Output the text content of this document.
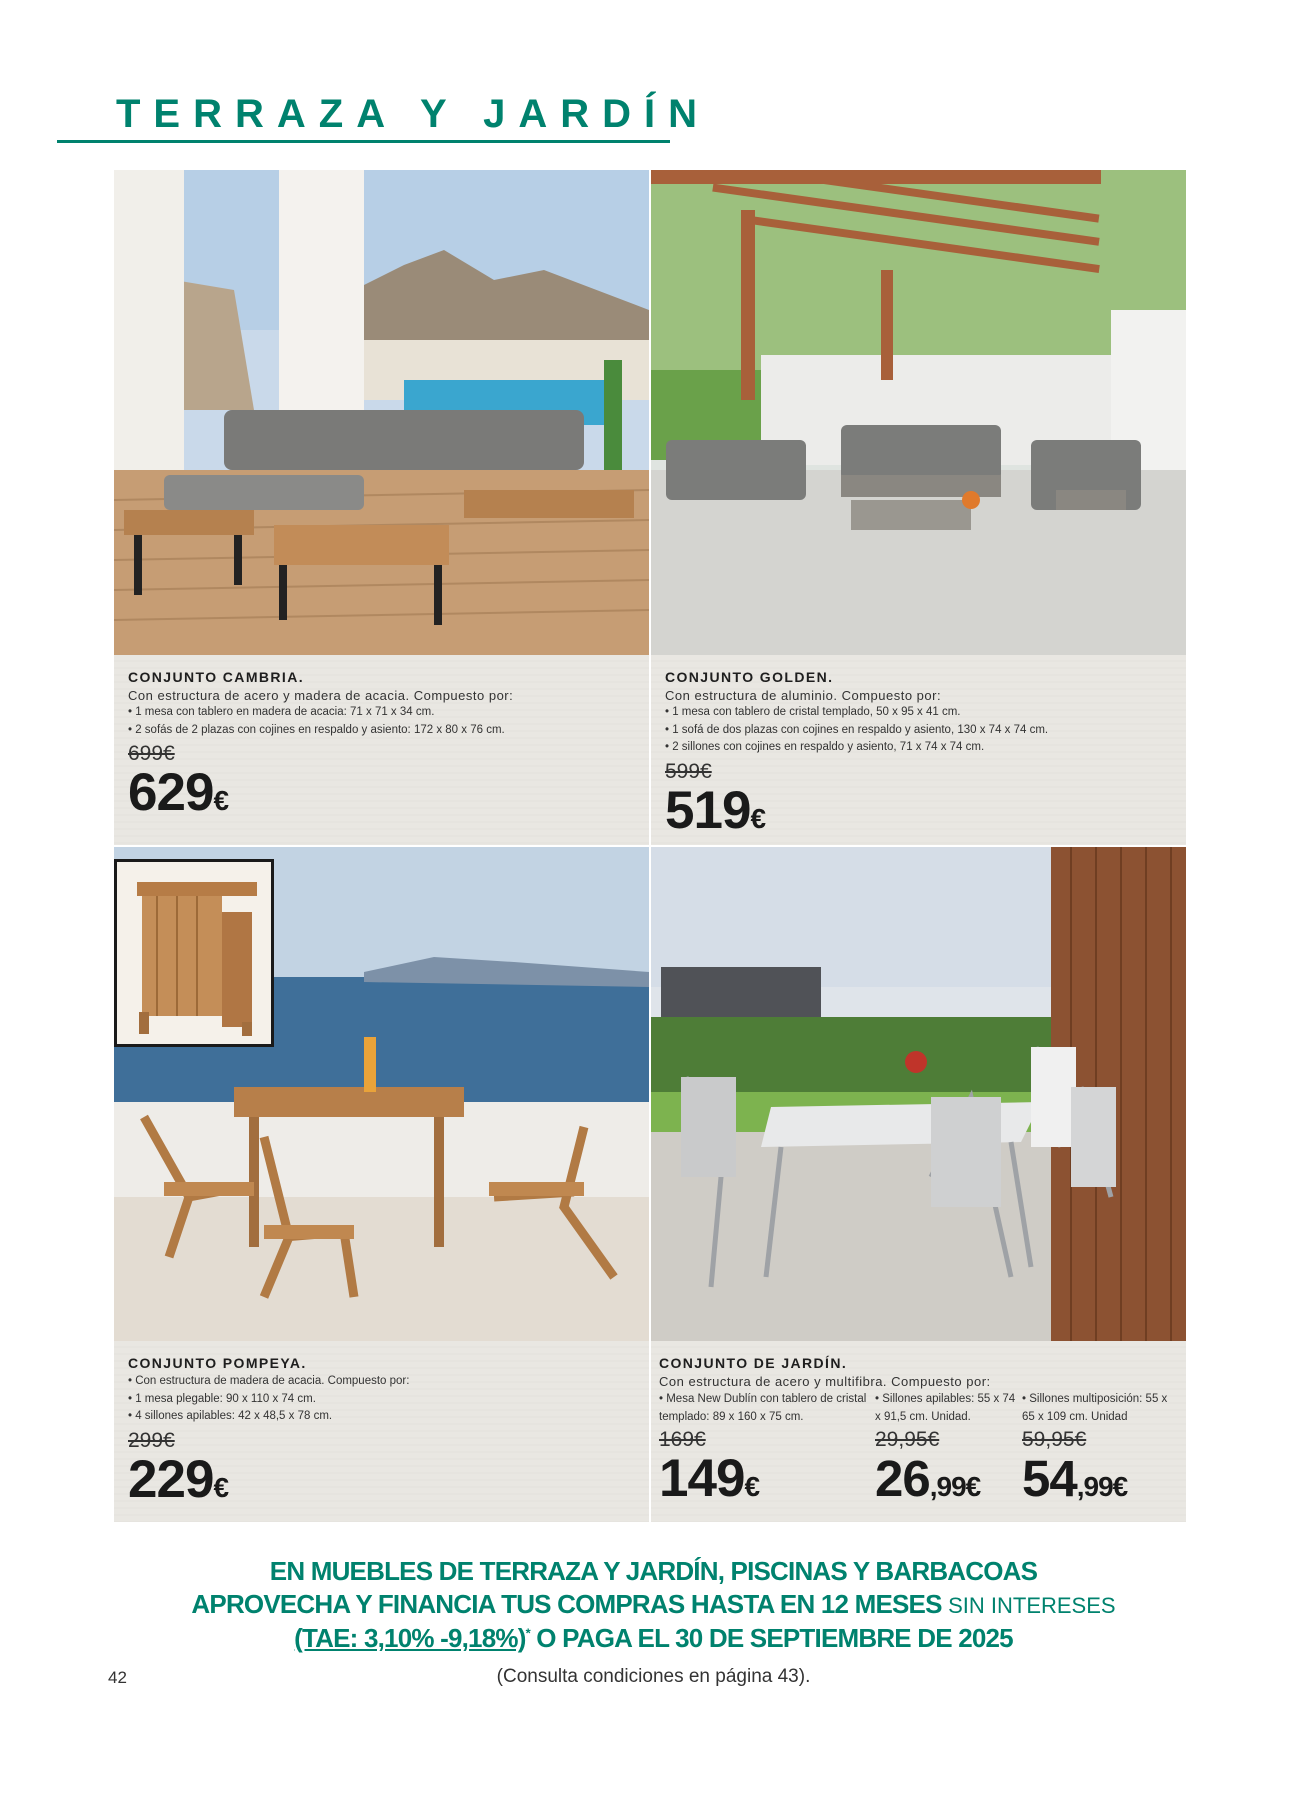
TERRAZA Y JARDÍN
CONJUNTO CAMBRIA.
Con estructura de acero y madera de acacia. Compuesto por:
• 1 mesa con tablero en madera de acacia: 71 x 71 x 34 cm.
• 2 sofás de 2 plazas con cojines en respaldo y asiento: 172 x 80 x 76 cm.
699€
629€
CONJUNTO GOLDEN.
Con estructura de aluminio. Compuesto por:
• 1 mesa con tablero de cristal templado, 50 x 95 x 41 cm.
• 1 sofá de dos plazas con cojines en respaldo y asiento, 130 x 74 x 74 cm.
• 2 sillones con cojines en respaldo y asiento, 71 x 74 x 74 cm.
599€
519€
CONJUNTO POMPEYA.
• Con estructura de madera de acacia. Compuesto por:
• 1 mesa plegable: 90 x 110 x 74 cm.
• 4 sillones apilables: 42 x 48,5 x 78 cm.
299€
229€
CONJUNTO DE JARDÍN.
Con estructura de acero y multifibra. Compuesto por:
• Mesa New Dublín con tablero de cristal templado: 89 x 160 x 75 cm.
169€
149€
• Sillones apilables: 55 x 74 x 91,5 cm. Unidad.
29,95€
26,99€
• Sillones multiposición: 55 x 65 x 109 cm. Unidad
59,95€
54,99€
EN MUEBLES DE TERRAZA Y JARDÍN, PISCINAS Y BARBACOAS
APROVECHA Y FINANCIA TUS COMPRAS HASTA EN 12 MESES SIN INTERESES
(TAE: 3,10% -9,18%)* O PAGA EL 30 DE SEPTIEMBRE DE 2025
42	(Consulta condiciones en página 43).
